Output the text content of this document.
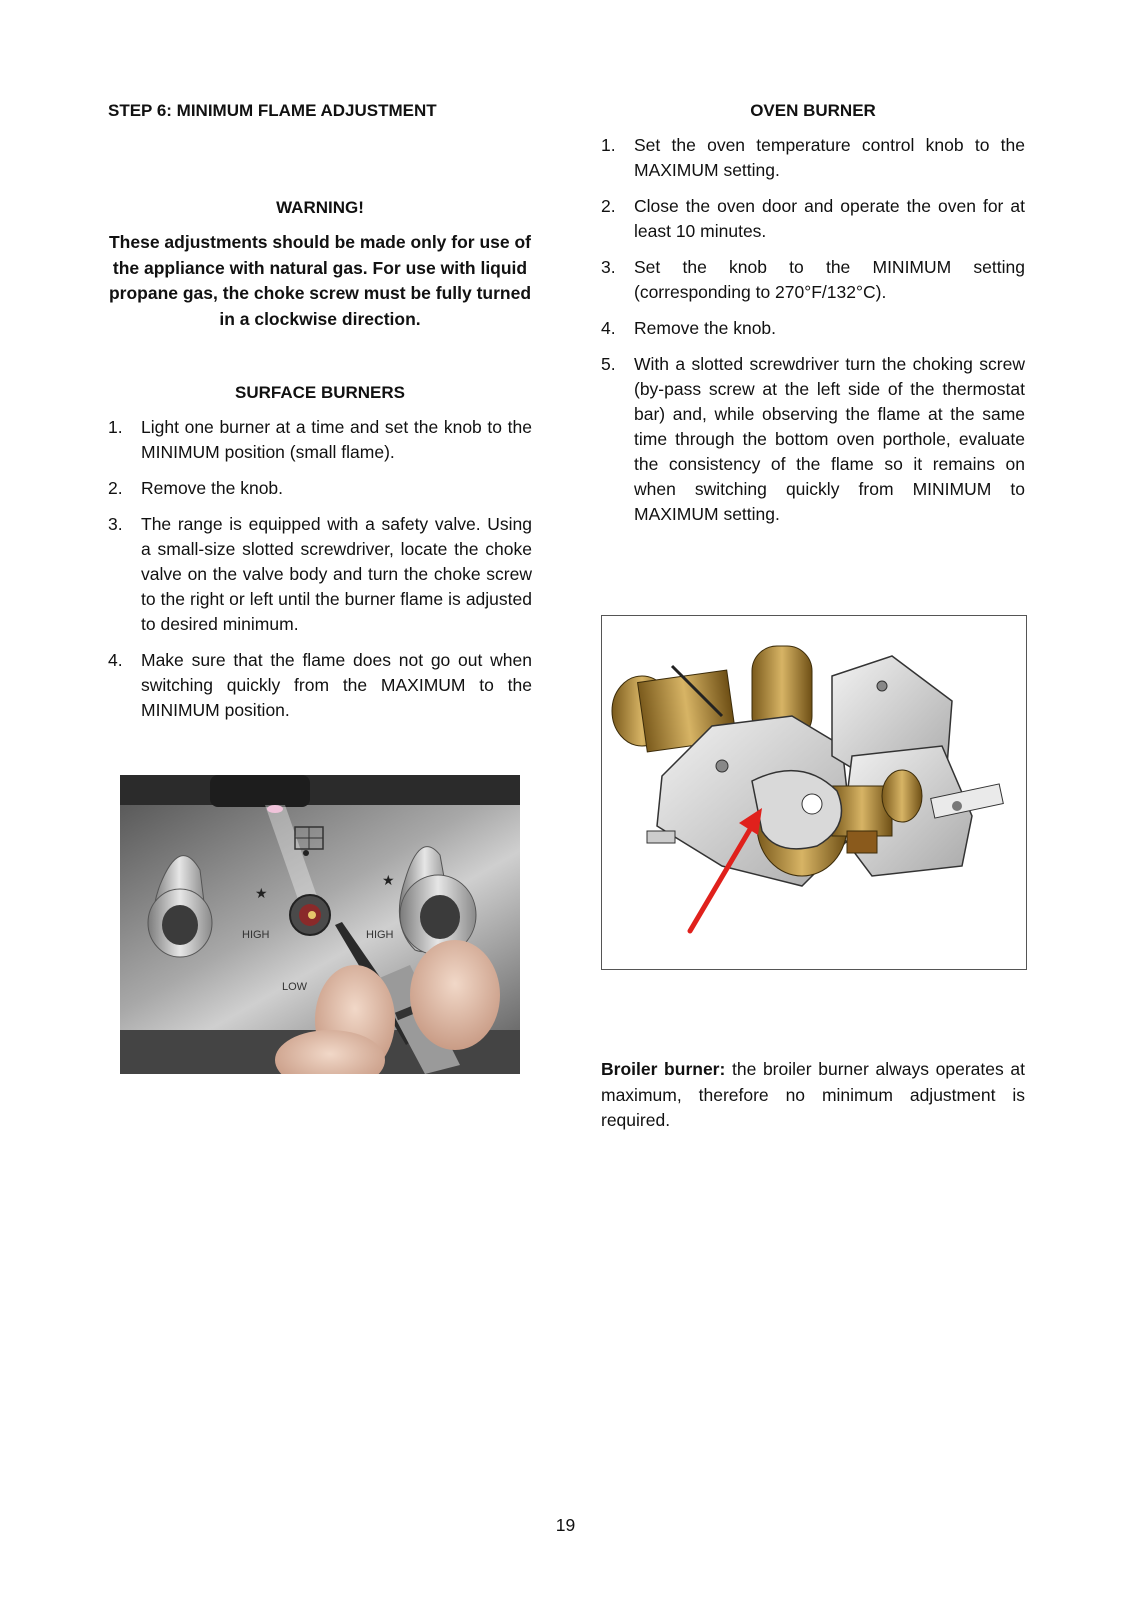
STEP 6: MINIMUM FLAME ADJUSTMENT

WARNING!

These adjustments should be made only for use of the appliance with natural gas. For use with liquid propane gas, the choke screw must be fully turned in a clockwise direction.

SURFACE BURNERS

1. Light one burner at a time and set the knob to the MINIMUM position (small flame).
2. Remove the knob.
3. The range is equipped with a safety valve. Using a small-size slotted screwdriver, locate the choke valve on the valve body and turn the choke screw to the right or left until the burner flame is adjusted to desired minimum.
4. Make sure that the flame does not go out when switching quickly from the MAXIMUM to the MINIMUM position.
★
★
HIGH	HIGH
LOW

OVEN BURNER

1. Set the oven temperature control knob to the MAXIMUM setting.
2. Close the oven door and operate the oven for at least 10 minutes.
3. Set the knob to the MINIMUM setting (corresponding to 270°F/132°C).
4. Remove the knob.
5. With a slotted screwdriver turn the choking screw (by-pass screw at the left side of the thermostat bar) and, while observing the flame at the same time through the bottom oven porthole, evaluate the consistency of the flame so it remains on when switching quickly from MINIMUM to MAXIMUM setting.
Broiler burner: the broiler burner always operates at maximum, therefore no minimum adjustment is required.
19
